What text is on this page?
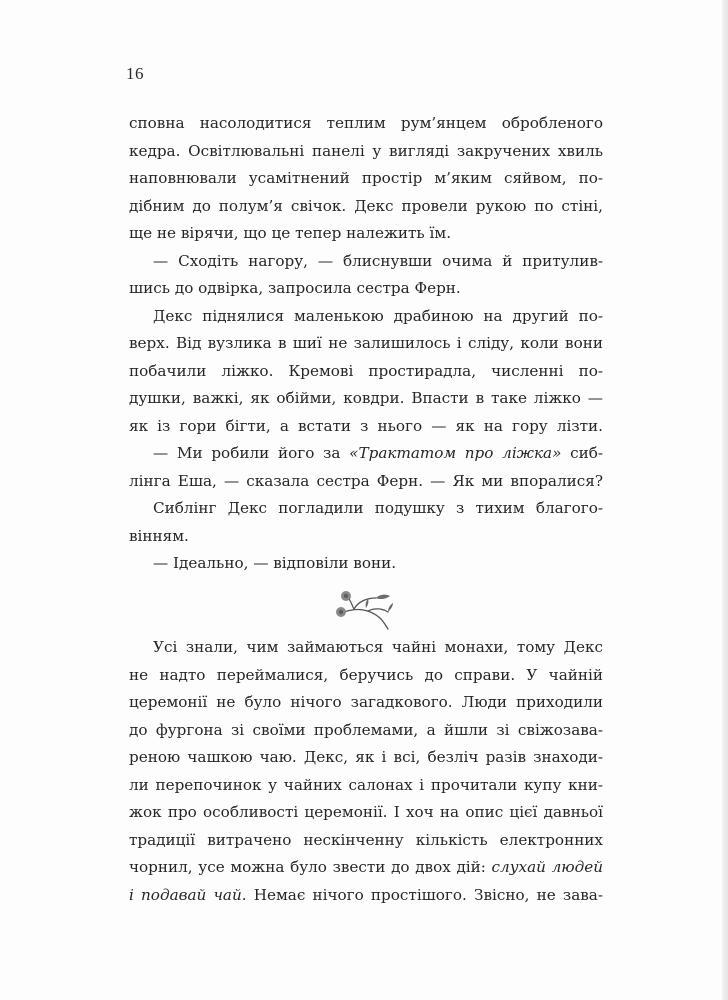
16
сповна насолодитися теплим рум’янцем обробленого
кедра. Освітлювальні панелі у вигляді закручених хвиль
наповнювали усамітнений простір м’яким сяйвом, по-
дібним до полум’я свічок. Декс провели рукою по стіні,
ще не вірячи, що це тепер належить їм.
— Сходіть нагору, — блиснувши очима й притулив-
шись до одвірка, запросила сестра Ферн.
Декс піднялися маленькою драбиною на другий по-
верх. Від вузлика в шиї не залишилось і сліду, коли вони
побачили ліжко. Кремові простирадла, численні по-
душки, важкі, як обійми, ковдри. Впасти в таке ліжко —
як із гори бігти, а встати з нього — як на гору лізти.
— Ми робили його за «Трактатом про ліжка» сиб-
лінга Еша, — сказала сестра Ферн. — Як ми впоралися?
Сиблінг Декс погладили подушку з тихим благого-
вінням.
— Ідеально, — відповіли вони.
Усі знали, чим займаються чайні монахи, тому Декс
не надто переймалися, беручись до справи. У чайній
церемонії не було нічого загадкового. Люди приходили
до фургона зі своїми проблемами, а йшли зі свіжозава-
реною чашкою чаю. Декс, як і всі, безліч разів знаходи-
ли перепочинок у чайних салонах і прочитали купу кни-
жок про особливості церемонії. І хоч на опис цієї давньої
традиції витрачено нескінченну кількість електронних
чорнил, усе можна було звести до двох дій: слухай людей
і подавай чай. Немає нічого простішого. Звісно, не зава-
